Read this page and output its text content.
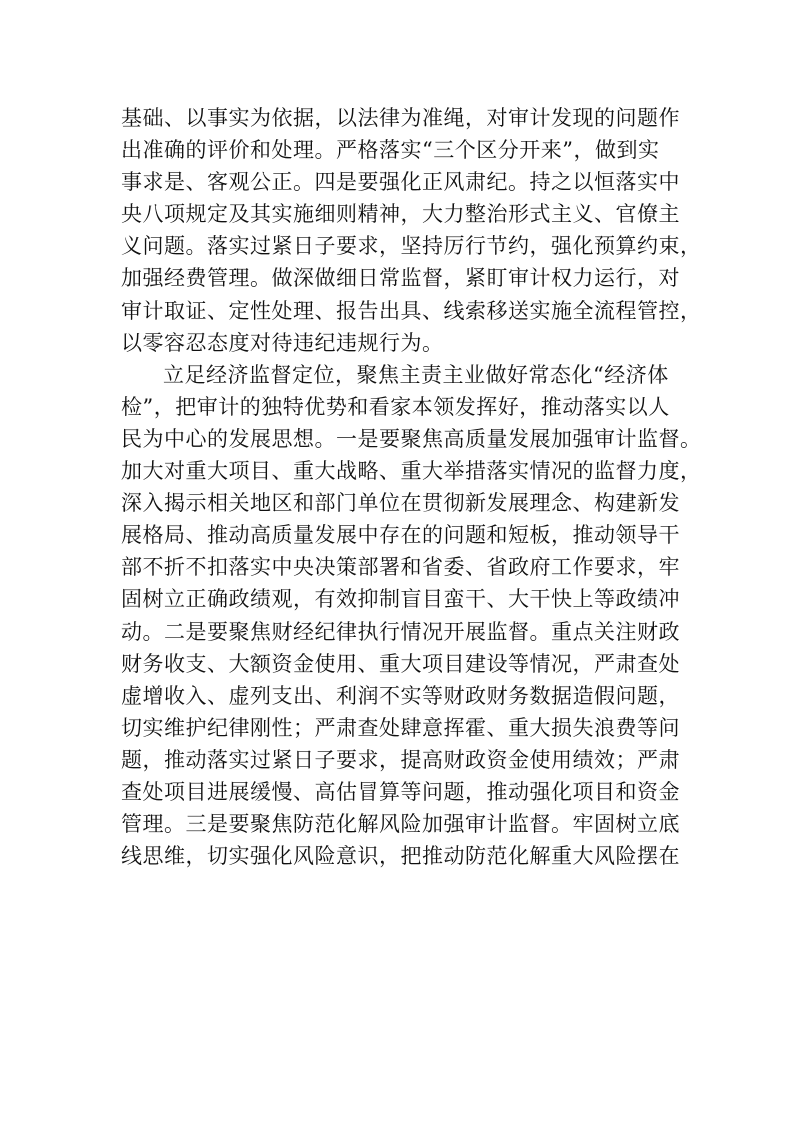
基础、以事实为依据，以法律为准绳，对审计发现的问题作
出准确的评价和处理。严格落实“三个区分开来”，做到实
事求是、客观公正。四是要强化正风肃纪。持之以恒落实中
央八项规定及其实施细则精神，大力整治形式主义、官僚主
义问题。落实过紧日子要求，坚持厉行节约，强化预算约束，
加强经费管理。做深做细日常监督，紧盯审计权力运行，对
审计取证、定性处理、报告出具、线索移送实施全流程管控，
以零容忍态度对待违纪违规行为。
立足经济监督定位，聚焦主责主业做好常态化“经济体
检”，把审计的独特优势和看家本领发挥好，推动落实以人
民为中心的发展思想。一是要聚焦高质量发展加强审计监督。
加大对重大项目、重大战略、重大举措落实情况的监督力度，
深入揭示相关地区和部门单位在贯彻新发展理念、构建新发
展格局、推动高质量发展中存在的问题和短板，推动领导干
部不折不扣落实中央决策部署和省委、省政府工作要求，牢
固树立正确政绩观，有效抑制盲目蛮干、大干快上等政绩冲
动。二是要聚焦财经纪律执行情况开展监督。重点关注财政
财务收支、大额资金使用、重大项目建设等情况，严肃查处
虚增收入、虚列支出、利润不实等财政财务数据造假问题，
切实维护纪律刚性；严肃查处肆意挥霍、重大损失浪费等问
题，推动落实过紧日子要求，提高财政资金使用绩效；严肃
查处项目进展缓慢、高估冒算等问题，推动强化项目和资金
管理。三是要聚焦防范化解风险加强审计监督。牢固树立底
线思维，切实强化风险意识，把推动防范化解重大风险摆在
